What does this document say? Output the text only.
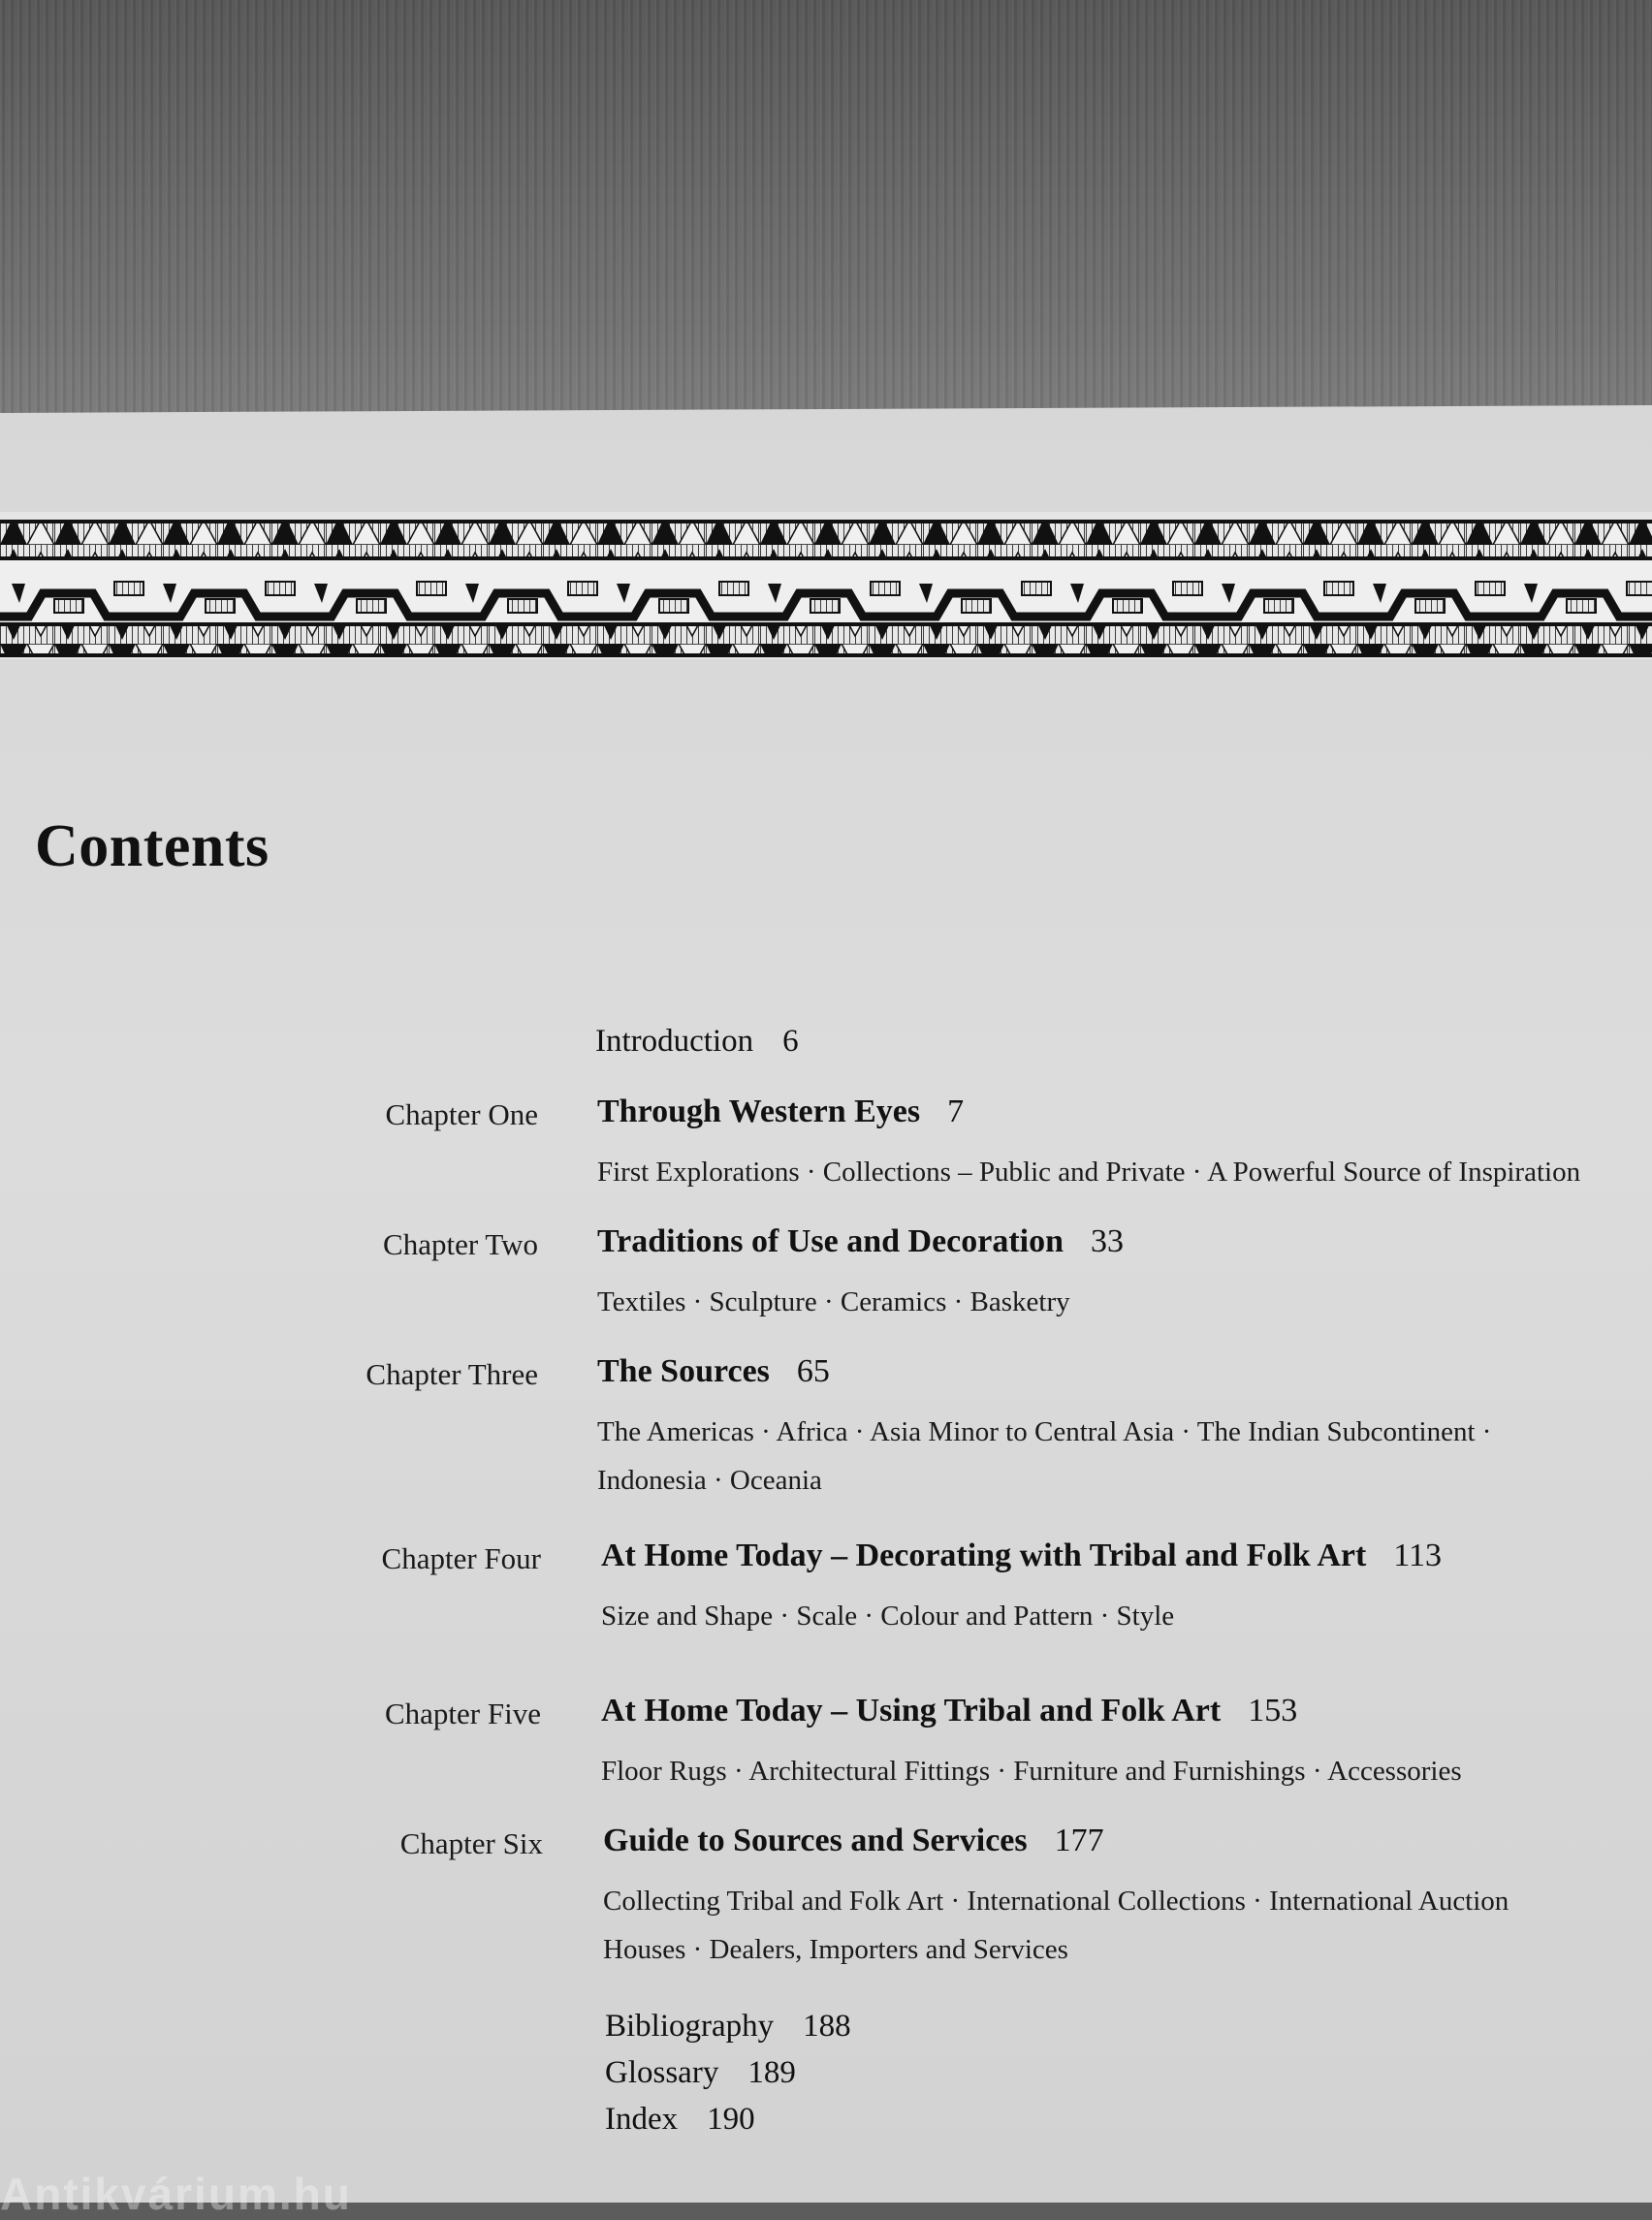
Contents
Introduction 6
Chapter One Through Western Eyes 7
First Explorations · Collections – Public and Private · A Powerful Source of Inspiration
Chapter Two Traditions of Use and Decoration 33
Textiles · Sculpture · Ceramics · Basketry
Chapter Three The Sources 65
The Americas · Africa · Asia Minor to Central Asia · The Indian Subcontinent · Indonesia · Oceania
Chapter Four At Home Today – Decorating with Tribal and Folk Art 113
Size and Shape · Scale · Colour and Pattern · Style
Chapter Five At Home Today – Using Tribal and Folk Art 153
Floor Rugs · Architectural Fittings · Furniture and Furnishings · Accessories
Chapter Six Guide to Sources and Services 177
Collecting Tribal and Folk Art · International Collections · International Auction Houses · Dealers, Importers and Services
Bibliography 188
Glossary 189
Index 190
Antikvárium.hu
